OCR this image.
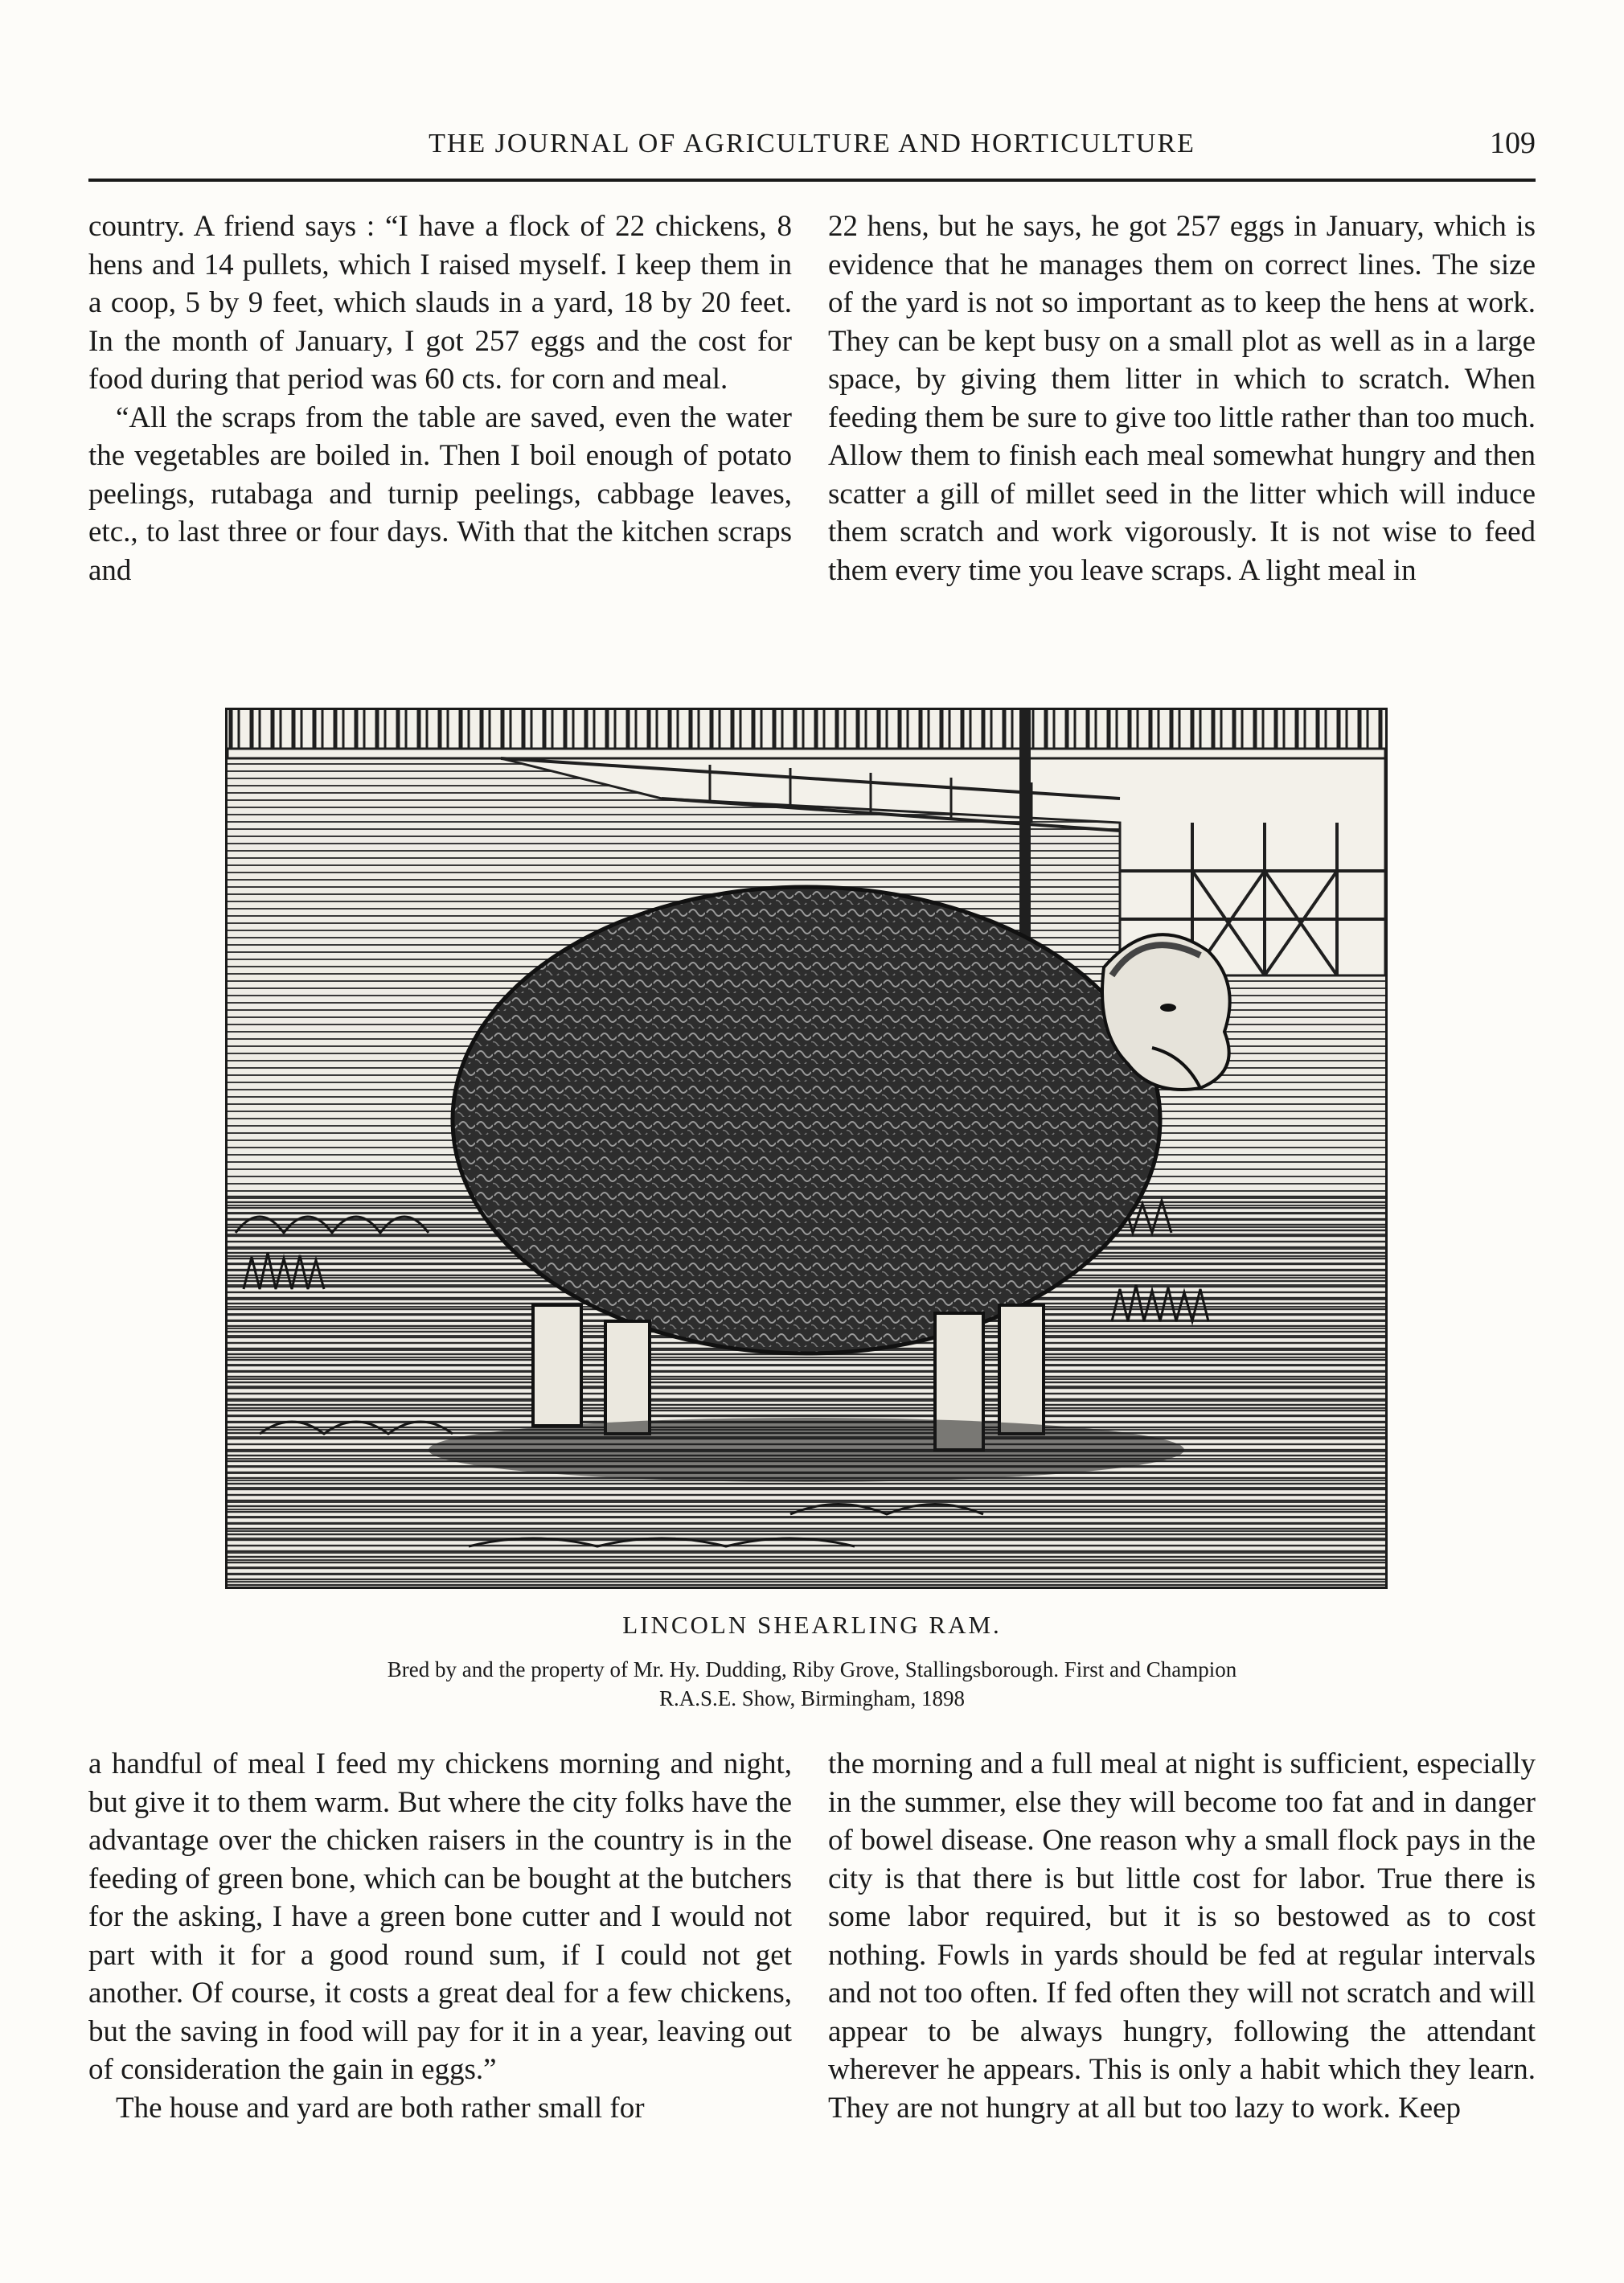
THE JOURNAL OF AGRICULTURE AND HORTICULTURE	109

country. A friend says : “I have a flock of 22 chickens, 8 hens and 14 pullets, which I raised myself. I keep them in a coop, 5 by 9 feet, which slauds in a yard, 18 by 20 feet. In the month of January, I got 257 eggs and the cost for food during that period was 60 cts. for corn and meal.

“All the scraps from the table are saved, even the water the vegetables are boiled in. Then I boil enough of potato peelings, rutabaga and turnip peelings, cabbage leaves, etc., to last three or four days. With that the kitchen scraps and

22 hens, but he says, he got 257 eggs in January, which is evidence that he manages them on correct lines. The size of the yard is not so important as to keep the hens at work. They can be kept busy on a small plot as well as in a large space, by giving them litter in which to scratch. When feeding them be sure to give too little rather than too much. Allow them to finish each meal somewhat hungry and then scatter a gill of millet seed in the litter which will induce them scratch and work vigorously. It is not wise to feed them every time you leave scraps. A light meal in

LINCOLN SHEARLING RAM.
Bred by and the property of Mr. Hy. Dudding, Riby Grove, Stallingsborough. First and Champion
R.A.S.E. Show, Birmingham, 1898

a handful of meal I feed my chickens morning and night, but give it to them warm. But where the city folks have the advantage over the chicken raisers in the country is in the feeding of green bone, which can be bought at the butchers for the asking, I have a green bone cutter and I would not part with it for a good round sum, if I could not get another. Of course, it costs a great deal for a few chickens, but the saving in food will pay for it in a year, leaving out of consideration the gain in eggs.”

The house and yard are both rather small for

the morning and a full meal at night is sufficient, especially in the summer, else they will become too fat and in danger of bowel disease. One reason why a small flock pays in the city is that there is but little cost for labor. True there is some labor required, but it is so bestowed as to cost nothing. Fowls in yards should be fed at regular intervals and not too often. If fed often they will not scratch and will appear to be always hungry, following the attendant wherever he appears. This is only a habit which they learn. They are not hungry at all but too lazy to work. Keep
